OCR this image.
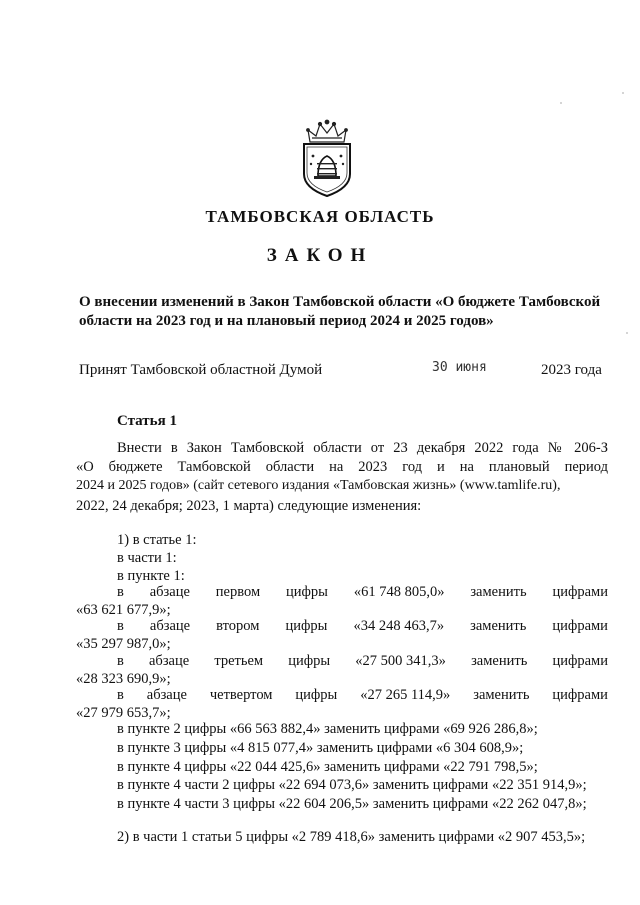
ТАМБОВСКАЯ ОБЛАСТЬ
ЗАКОН
О внесении изменений в Закон Тамбовской области «О бюджете Тамбовской
области на 2023 год и на плановый период 2024 и 2025 годов»
Принят Тамбовской областной Думой	30 июня	2023 года
Статья 1
Внести в Закон Тамбовской области от 23 декабря 2022 года № 206-З
«О бюджете Тамбовской области на 2023 год и на плановый период
2024 и 2025 годов» (сайт сетевого издания «Тамбовская жизнь» (www.tamlife.ru),
2022, 24 декабря; 2023, 1 марта) следующие изменения:
1) в статье 1:
в части 1:
в пункте 1:
в абзаце первом цифры «61 748 805,0» заменить цифрами
«63 621 677,9»;
в абзаце втором цифры «34 248 463,7» заменить цифрами
«35 297 987,0»;
в абзаце третьем цифры «27 500 341,3» заменить цифрами
«28 323 690,9»;
в абзаце четвертом цифры «27 265 114,9» заменить цифрами
«27 979 653,7»;
в пункте 2 цифры «66 563 882,4» заменить цифрами «69 926 286,8»;
в пункте 3 цифры «4 815 077,4» заменить цифрами «6 304 608,9»;
в пункте 4 цифры «22 044 425,6» заменить цифрами «22 791 798,5»;
в пункте 4 части 2 цифры «22 694 073,6» заменить цифрами «22 351 914,9»;
в пункте 4 части 3 цифры «22 604 206,5» заменить цифрами «22 262 047,8»;
2) в части 1 статьи 5 цифры «2 789 418,6» заменить цифрами «2 907 453,5»;
